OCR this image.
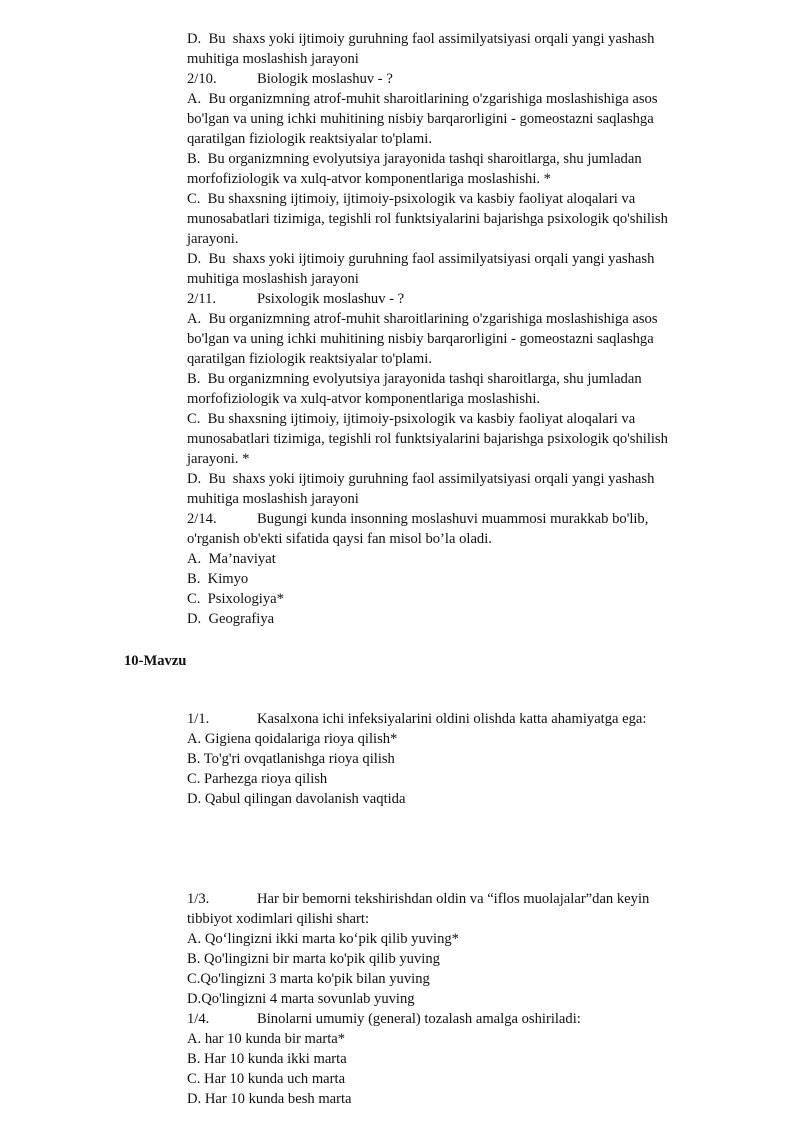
D.  Bu  shaxs yoki ijtimoiy guruhning faol assimilyatsiyasi orqali yangi yashash
muhitiga moslashish jarayoni
2/10.	Biologik moslashuv - ?
A.  Bu organizmning atrof-muhit sharoitlarining o'zgarishiga moslashishiga asos
bo'lgan va uning ichki muhitining nisbiy barqarorligini - gomeostazni saqlashga
qaratilgan fiziologik reaktsiyalar to'plami.
B.  Bu organizmning evolyutsiya jarayonida tashqi sharoitlarga, shu jumladan
morfofiziologik va xulq-atvor komponentlariga moslashishi. *
C.  Bu shaxsning ijtimoiy, ijtimoiy-psixologik va kasbiy faoliyat aloqalari va
munosabatlari tizimiga, tegishli rol funktsiyalarini bajarishga psixologik qo'shilish
jarayoni.
D.  Bu  shaxs yoki ijtimoiy guruhning faol assimilyatsiyasi orqali yangi yashash
muhitiga moslashish jarayoni
2/11.	Psixologik moslashuv - ?
A.  Bu organizmning atrof-muhit sharoitlarining o'zgarishiga moslashishiga asos
bo'lgan va uning ichki muhitining nisbiy barqarorligini - gomeostazni saqlashga
qaratilgan fiziologik reaktsiyalar to'plami.
B.  Bu organizmning evolyutsiya jarayonida tashqi sharoitlarga, shu jumladan
morfofiziologik va xulq-atvor komponentlariga moslashishi.
C.  Bu shaxsning ijtimoiy, ijtimoiy-psixologik va kasbiy faoliyat aloqalari va
munosabatlari tizimiga, tegishli rol funktsiyalarini bajarishga psixologik qo'shilish
jarayoni. *
D.  Bu  shaxs yoki ijtimoiy guruhning faol assimilyatsiyasi orqali yangi yashash
muhitiga moslashish jarayoni
2/14.	Bugungi kunda insonning moslashuvi muammosi murakkab bo'lib,
o'rganish ob'ekti sifatida qaysi fan misol bo’la oladi.
A.  Ma’naviyat
B.  Kimyo
C.  Psixologiya*
D.  Geografiya
10-Mavzu
1/1.	Kasalxona ichi infeksiyalarini oldini olishda katta ahamiyatga ega:
A. Gigiena qoidalariga rioya qilish*
B. To'g'ri ovqatlanishga rioya qilish
C. Parhezga rioya qilish
D. Qabul qilingan davolanish vaqtida
1/3.	Har bir bemorni tekshirishdan oldin va “iflos muolajalar”dan keyin
tibbiyot xodimlari qilishi shart:
A. Qo‘lingizni ikki marta ko‘pik qilib yuving*
B. Qo'lingizni bir marta ko'pik qilib yuving
C.Qo'lingizni 3 marta ko'pik bilan yuving
D.Qo'lingizni 4 marta sovunlab yuving
1/4.	Binolarni umumiy (general) tozalash amalga oshiriladi:
A. har 10 kunda bir marta*
B. Har 10 kunda ikki marta
C. Har 10 kunda uch marta
D. Har 10 kunda besh marta
